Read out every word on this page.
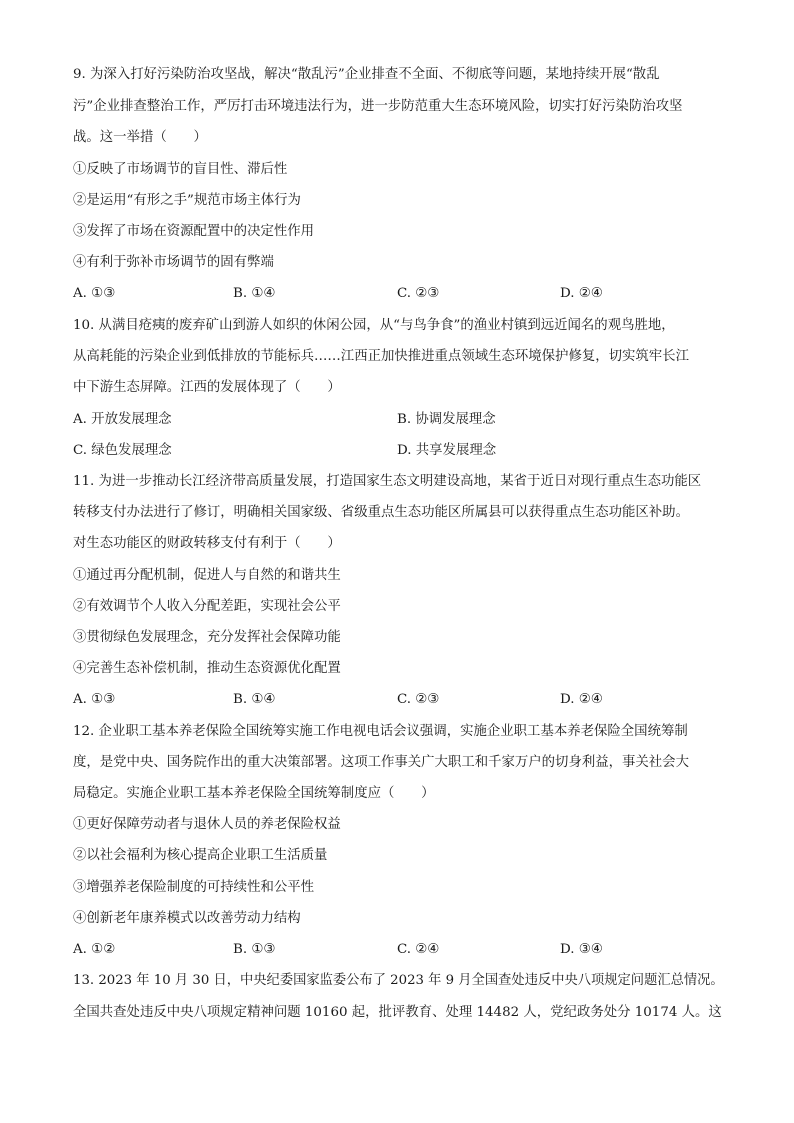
9. 为深入打好污染防治攻坚战，解决“散乱污”企业排查不全面、不彻底等问题，某地持续开展“散乱
污”企业排查整治工作，严厉打击环境违法行为，进一步防范重大生态环境风险，切实打好污染防治攻坚
战。这一举措（　　）
①反映了市场调节的盲目性、滞后性
②是运用“有形之手”规范市场主体行为
③发挥了市场在资源配置中的决定性作用
④有利于弥补市场调节的固有弊端
A. ①③	B. ①④	C. ②③	D. ②④
10. 从满目疮痍的废弃矿山到游人如织的休闲公园，从“与鸟争食”的渔业村镇到远近闻名的观鸟胜地，
从高耗能的污染企业到低排放的节能标兵……江西正加快推进重点领域生态环境保护修复，切实筑牢长江
中下游生态屏障。江西的发展体现了（　　）
A. 开放发展理念	B. 协调发展理念
C. 绿色发展理念	D. 共享发展理念
11. 为进一步推动长江经济带高质量发展，打造国家生态文明建设高地，某省于近日对现行重点生态功能区
转移支付办法进行了修订，明确相关国家级、省级重点生态功能区所属县可以获得重点生态功能区补助。
对生态功能区的财政转移支付有利于（　　）
①通过再分配机制，促进人与自然的和谐共生
②有效调节个人收入分配差距，实现社会公平
③贯彻绿色发展理念，充分发挥社会保障功能
④完善生态补偿机制，推动生态资源优化配置
A. ①③	B. ①④	C. ②③	D. ②④
12. 企业职工基本养老保险全国统筹实施工作电视电话会议强调，实施企业职工基本养老保险全国统筹制
度，是党中央、国务院作出的重大决策部署。这项工作事关广大职工和千家万户的切身利益，事关社会大
局稳定。实施企业职工基本养老保险全国统筹制度应（　　）
①更好保障劳动者与退休人员的养老保险权益
②以社会福利为核心提高企业职工生活质量
③增强养老保险制度的可持续性和公平性
④创新老年康养模式以改善劳动力结构
A. ①②	B. ①③	C. ②④	D. ③④
13. 2023 年 10 月 30 日，中央纪委国家监委公布了 2023 年 9 月全国查处违反中央八项规定问题汇总情况。
全国共查处违反中央八项规定精神问题 10160 起，批评教育、处理 14482 人，党纪政务处分 10174 人。这
